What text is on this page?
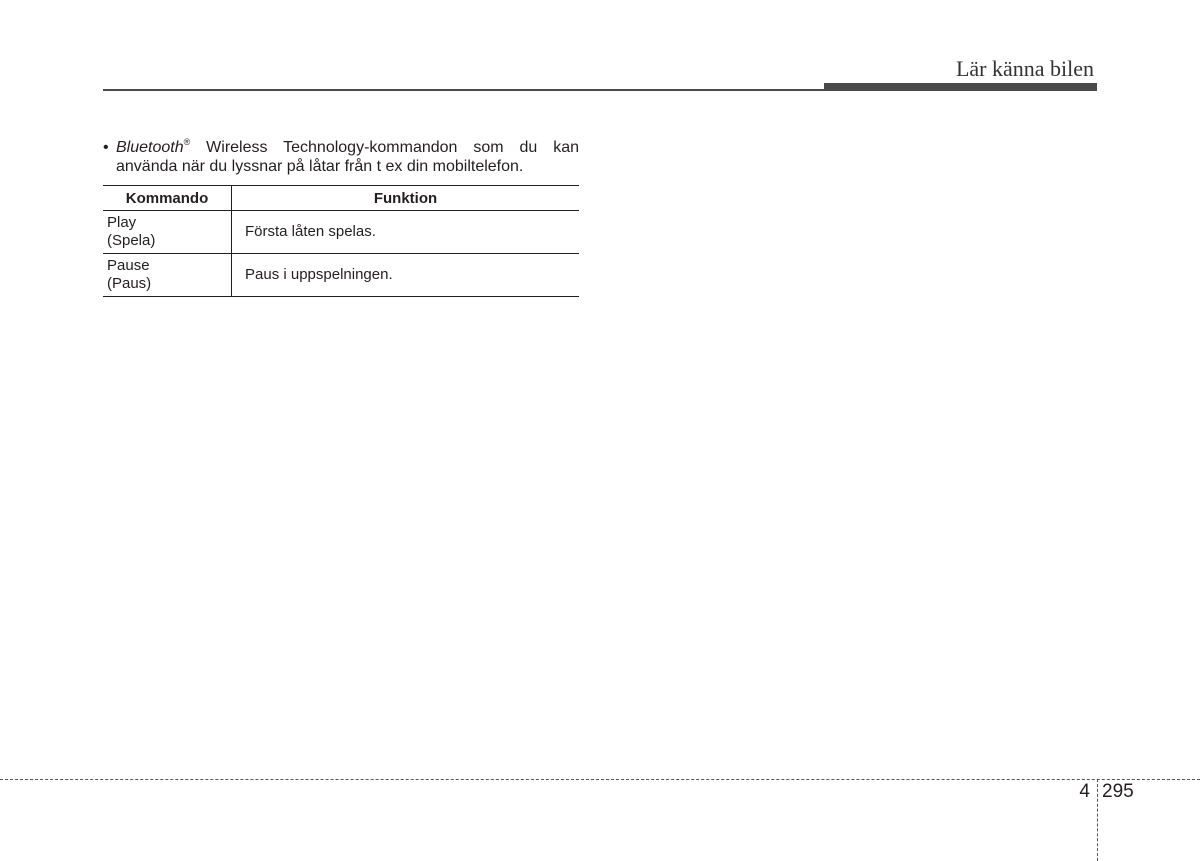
Lär känna bilen
• Bluetooth® Wireless Technology-kommandon som du kan använda när du lyssnar på låtar från t ex din mobiltelefon.
Kommando	Funktion

Play
(Spela)	Första låten spelas.

Pause
(Paus)	Paus i uppspelningen.
4 295
